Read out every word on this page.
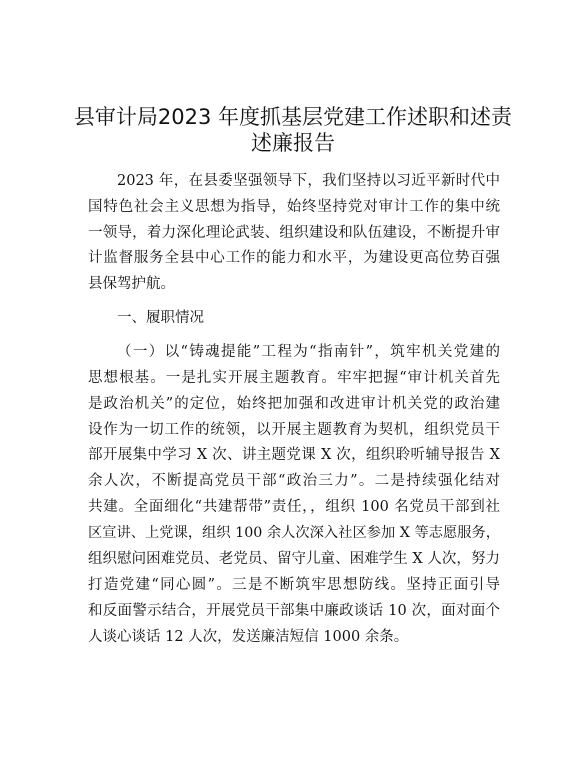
县审计局2023 年度抓基层党建工作述职和述责
述廉报告
2023 年，在县委坚强领导下，我们坚持以习近平新时代中
国特色社会主义思想为指导，始终坚持党对审计工作的集中统
一领导，着力深化理论武装、组织建设和队伍建设，不断提升审
计监督服务全县中心工作的能力和水平，为建设更高位势百强
县保驾护航。
一、履职情况
（一）以“铸魂提能”工程为“指南针”，筑牢机关党建的
思想根基。一是扎实开展主题教育。牢牢把握“审计机关首先
是政治机关”的定位，始终把加强和改进审计机关党的政治建
设作为一切工作的统领，以开展主题教育为契机，组织党员干
部开展集中学习 X 次、讲主题党课 X 次，组织聆听辅导报告 X
余人次，不断提高党员干部“政治三力”。二是持续强化结对
共建。全面细化“共建帮带”责任，，组织 100 名党员干部到社
区宣讲、上党课，组织 100 余人次深入社区参加 X 等志愿服务，
组织慰问困难党员、老党员、留守儿童、困难学生 X 人次，努力
打造党建“同心圆”。三是不断筑牢思想防线。坚持正面引导
和反面警示结合，开展党员干部集中廉政谈话 10 次，面对面个
人谈心谈话 12 人次，发送廉洁短信 1000 余条。
